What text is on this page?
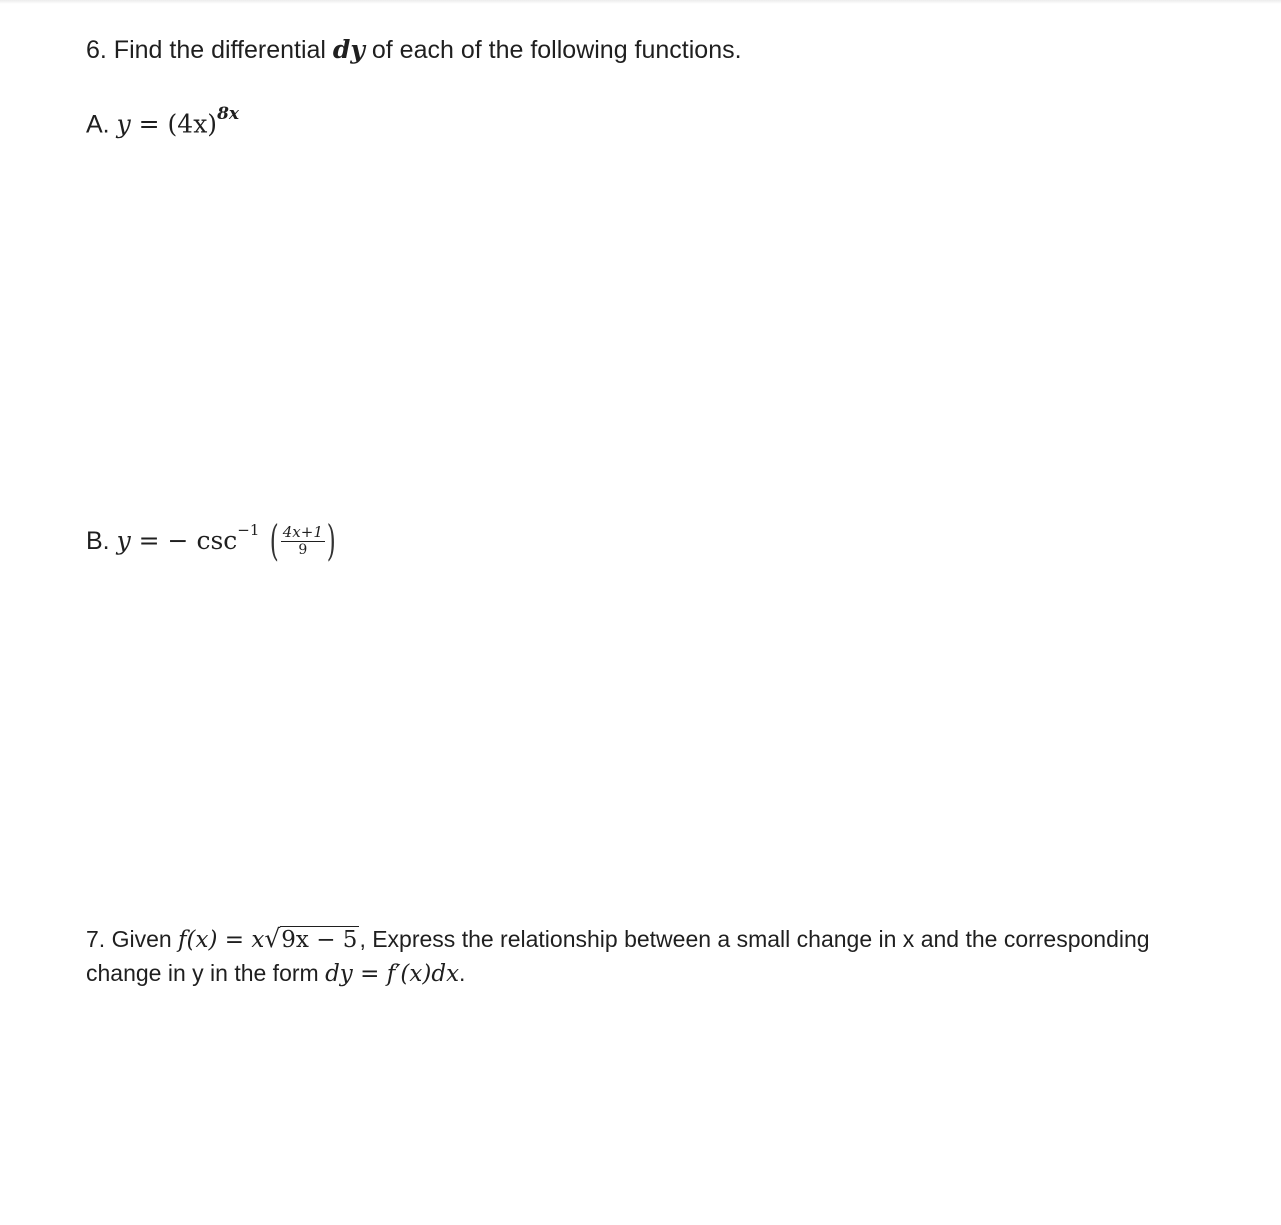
6. Find the differential dy of each of the following functions.
A. $y = (4x)^{8x}$
B. y = − $\csc^{-1}$ ( $\frac{4x+1}{9}$ )
7. Given f(x) = x√9x − 5, Express the relationship between a small change in x and the corresponding
change in y in the form dy = f′(x)dx.
